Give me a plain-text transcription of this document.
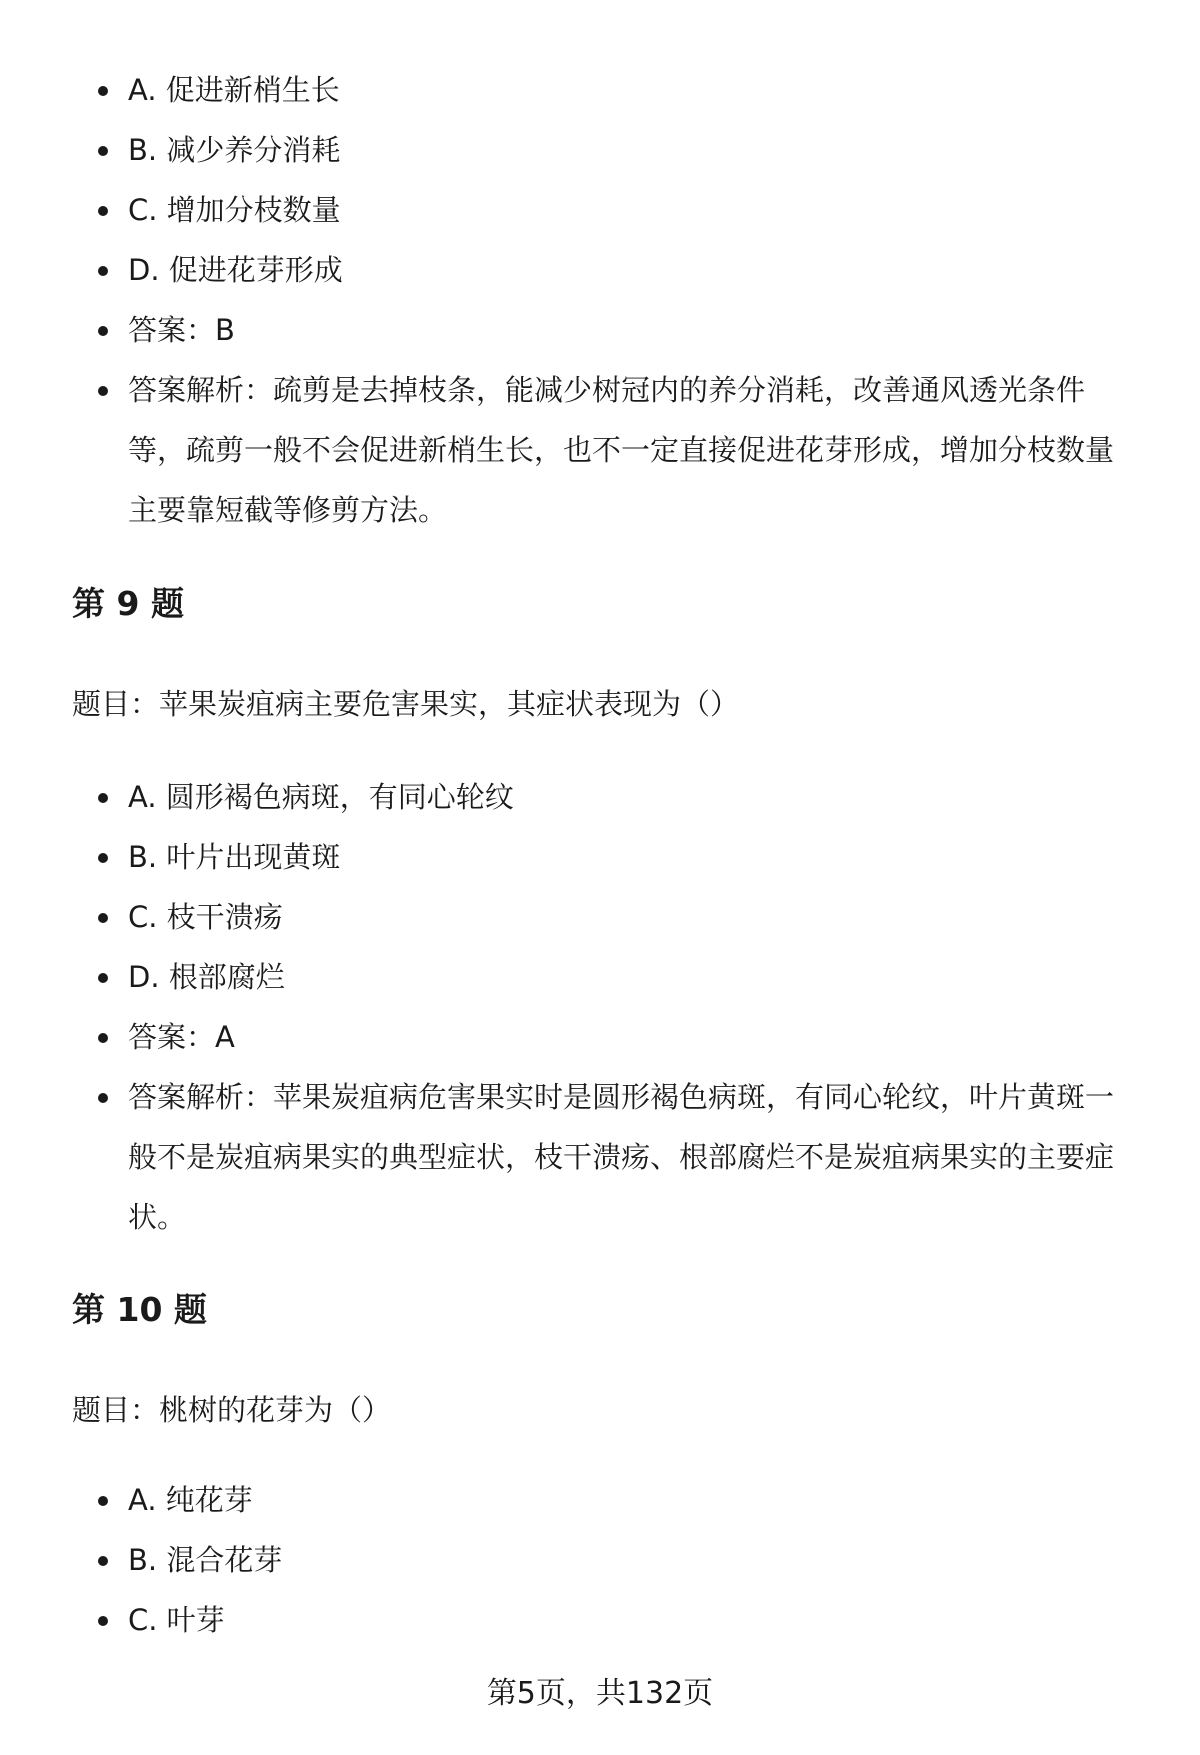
A. 促进新梢生长
B. 减少养分消耗
C. 增加分枝数量
D. 促进花芽形成
答案：B
答案解析：疏剪是去掉枝条，能减少树冠内的养分消耗，改善通风透光条件等，疏剪一般不会促进新梢生长，也不一定直接促进花芽形成，增加分枝数量主要靠短截等修剪方法。
第 9 题
题目：苹果炭疽病主要危害果实，其症状表现为（）
A. 圆形褐色病斑，有同心轮纹
B. 叶片出现黄斑
C. 枝干溃疡
D. 根部腐烂
答案：A
答案解析：苹果炭疽病危害果实时是圆形褐色病斑，有同心轮纹，叶片黄斑一般不是炭疽病果实的典型症状，枝干溃疡、根部腐烂不是炭疽病果实的主要症状。
第 10 题
题目：桃树的花芽为（）
A. 纯花芽
B. 混合花芽
C. 叶芽
第5页，共132页
